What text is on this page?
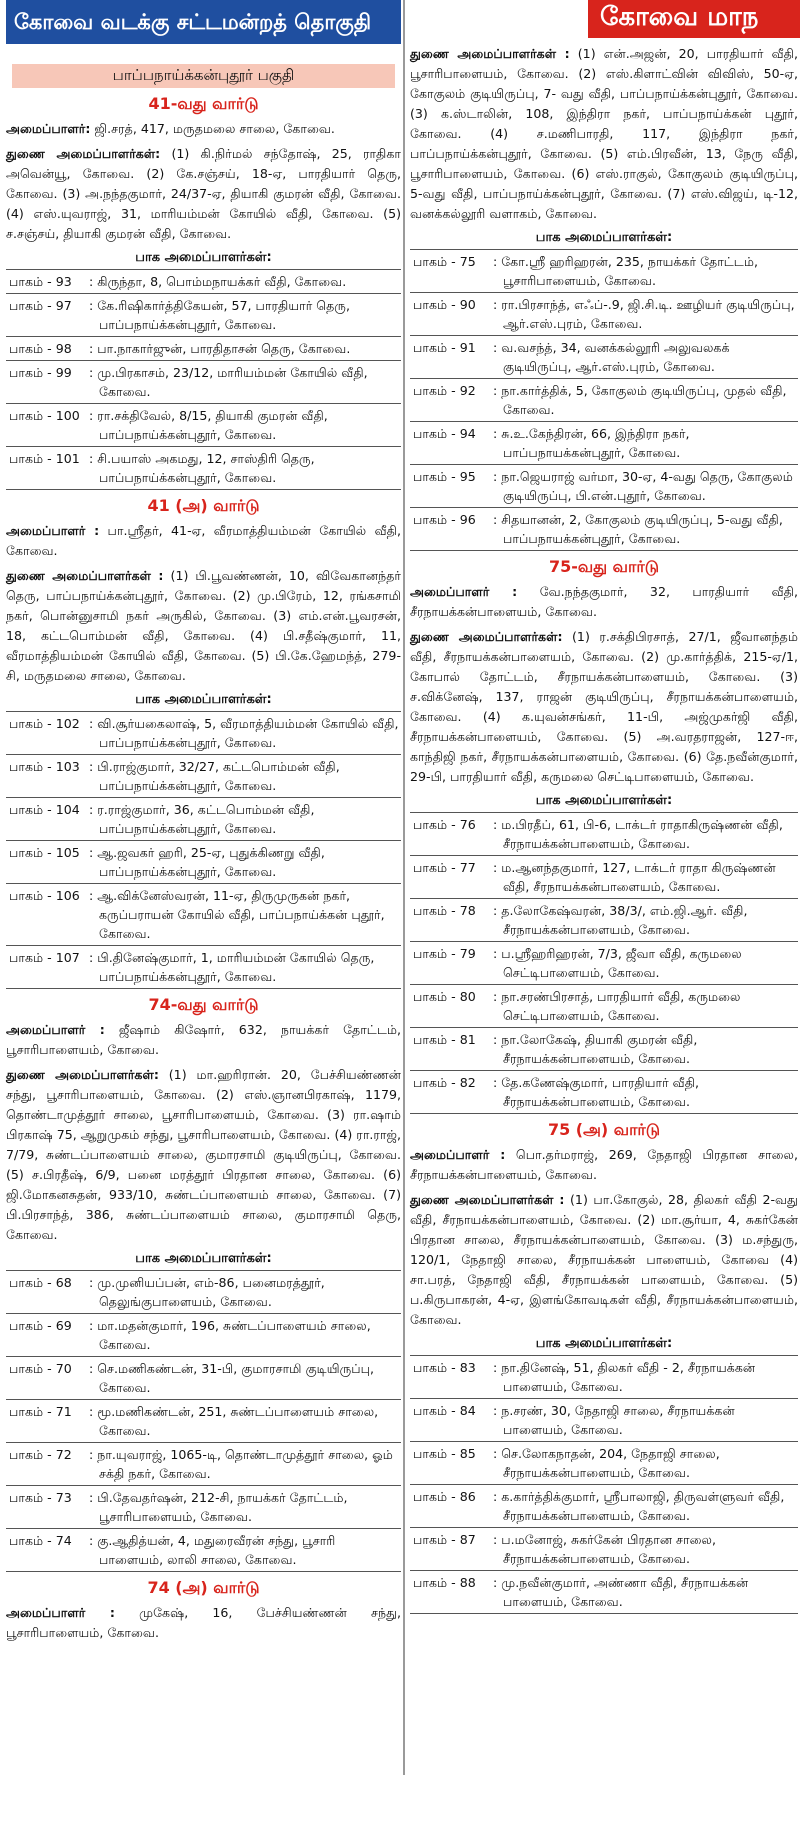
கோவை வடக்கு சட்டமன்றத் தொகுதி
பாப்பநாய்க்கன்புதூர் பகுதி
41-வது வார்டு
அமைப்பாளர்: ஜி.சரத், 417, மருதமலை சாலை, கோவை.
துணை அமைப்பாளர்கள்: (1) கி.நிர்மல் சந்தோஷ், 25, ராதிகா அவென்யூ, கோவை. (2) கே.சஞ்சய், 18-ஏ, பாரதியார் தெரு, கோவை. (3) அ.நந்தகுமார், 24/37-ஏ, தியாகி குமரன் வீதி, கோவை. (4) எஸ்.யுவராஜ், 31, மாரியம்மன் கோயில் வீதி, கோவை. (5) ச.சஞ்சய், தியாகி குமரன் வீதி, கோவை.
பாக அமைப்பாளர்கள்:
பாகம் - 93	: கிருந்தா, 8, பொம்மநாயக்கர் வீதி, கோவை.
பாகம் - 97	: கே.ரிஷிகார்த்திகேயன், 57, பாரதியார் தெரு, பாப்பநாய்க்கன்புதூர், கோவை.
பாகம் - 98	: பா.நாகார்ஜுன், பாரதிதாசன் தெரு, கோவை.
பாகம் - 99	: மு.பிரகாசம், 23/12, மாரியம்மன் கோயில் வீதி, கோவை.
பாகம் - 100 : ரா.சக்திவேல், 8/15, தியாகி குமரன் வீதி, பாப்பநாய்க்கன்புதூர், கோவை.
பாகம் - 101 : சி.பயாஸ் அகமது, 12, சாஸ்திரி தெரு, பாப்பநாய்க்கன்புதூர், கோவை.
41 (அ) வார்டு
அமைப்பாளர் : பா.ஸ்ரீதர், 41-ஏ, வீரமாத்தியம்மன் கோயில் வீதி, கோவை.
துணை அமைப்பாளர்கள் : (1) பி.பூவண்ணன், 10, விவேகானந்தர் தெரு, பாப்பநாய்க்கன்புதூர், கோவை. (2) மு.பிரேம், 12, ரங்கசாமி நகர், பொன்னுசாமி நகர் அருகில், கோவை. (3) எம்.என்.பூவரசன், 18, கட்டபொம்மன் வீதி, கோவை. (4) பி.சதீஷ்குமார், 11, வீரமாத்தியம்மன் கோயில் வீதி, கோவை. (5) பி.கே.ஹேமந்த், 279-சி, மருதமலை சாலை, கோவை.
பாக அமைப்பாளர்கள்:
பாகம் - 102 : வி.சூர்யகைலாஷ், 5, வீரமாத்தியம்மன் கோயில் வீதி, பாப்பநாய்க்கன்புதூர், கோவை.
பாகம் - 103 : பி.ராஜ்குமார், 32/27, கட்டபொம்மன் வீதி, பாப்பநாய்க்கன்புதூர், கோவை.
பாகம் - 104 : ர.ராஜ்குமார், 36, கட்டபொம்மன் வீதி, பாப்பநாய்க்கன்புதூர், கோவை.
பாகம் - 105 : ஆ.ஜவகர் ஹரி, 25-ஏ, புதுக்கிணறு வீதி, பாப்பநாய்க்கன்புதூர், கோவை.
பாகம் - 106 : ஆ.விக்னேஸ்வரன், 11-ஏ, திருமுருகன் நகர், கருப்பராயன் கோயில் வீதி, பாப்பநாய்க்கன் புதூர், கோவை.
பாகம் - 107 : பி.தினேஷ்குமார், 1, மாரியம்மன் கோயில் தெரு, பாப்பநாய்க்கன்புதூர், கோவை.
74-வது வார்டு
அமைப்பாளர் : ஜீஷாம் கிஷோர், 632, நாயக்கர் தோட்டம், பூசாரிபாளையம், கோவை.
துணை அமைப்பாளர்கள்: (1) மா.ஹரிரான். 20, பேச்சியண்ணன் சந்து, பூசாரிபாளையம், கோவை. (2) எஸ்.ஞானபிரகாஷ், 1179, தொண்டாமுத்தூர் சாலை, பூசாரிபாளையம், கோவை. (3) ரா.ஷாம் பிரகாஷ் 75, ஆறுமுகம் சந்து, பூசாரிபாளையம், கோவை. (4) ரா.ராஜ், 7/79, சுண்டப்பாளையம் சாலை, குமாரசாமி குடியிருப்பு, கோவை. (5) ச.பிரதீஷ், 6/9, பனை மரத்தூர் பிரதான சாலை, கோவை. (6) ஜி.மோகனசுதன், 933/10, சுண்டப்பாளையம் சாலை, கோவை. (7) பி.பிரசாந்த், 386, சுண்டப்பாளையம் சாலை, குமாரசாமி தெரு, கோவை.
பாக அமைப்பாளர்கள்:
பாகம் - 68	: மு.முனியப்பன், எம்-86, பனைமரத்தூர், தெலுங்குபாளையம், கோவை.
பாகம் - 69	: மா.மதன்குமார், 196, சுண்டப்பாளையம் சாலை, கோவை.
பாகம் - 70	: செ.மணிகண்டன், 31-பி, குமாரசாமி குடியிருப்பு, கோவை.
பாகம் - 71	: மூ.மணிகண்டன், 251, சுண்டப்பாளையம் சாலை, கோவை.
பாகம் - 72	: நா.யுவராஜ், 1065-டி, தொண்டாமுத்தூர் சாலை, ஓம் சக்தி நகர், கோவை.
பாகம் - 73	: பி.தேவதர்ஷன், 212-சி, நாயக்கர் தோட்டம், பூசாரிபாளையம், கோவை.
பாகம் - 74	: கு.ஆதித்யன், 4, மதுரைவீரன் சந்து, பூசாரி பாளையம், லாலி சாலை, கோவை.
74 (அ) வார்டு
அமைப்பாளர் : முகேஷ், 16, பேச்சியண்ணன் சந்து, பூசாரிபாளையம், கோவை.
கோவை மாந
துணை அமைப்பாளர்கள் : (1) என்.அஜன், 20, பாரதியார் வீதி, பூசாரிபாளையம், கோவை. (2) எஸ்.கிளாட்வின் விவிஸ், 50-ஏ, கோகுலம் குடியிருப்பு, 7- வது வீதி, பாப்பநாய்க்கன்புதூர், கோவை. (3) க.ஸ்டாலின், 108, இந்திரா நகர், பாப்பநாய்க்கன் புதூர், கோவை. (4) ச.மணிபாரதி, 117, இந்திரா நகர், பாப்பநாய்க்கன்புதூர், கோவை. (5) எம்.பிரவீன், 13, நேரு வீதி, பூசாரிபாளையம், கோவை. (6) எஸ்.ராகுல், கோகுலம் குடியிருப்பு, 5-வது வீதி, பாப்பநாய்க்கன்புதூர், கோவை. (7) எஸ்.விஜய், டி-12, வனக்கல்லூரி வளாகம், கோவை.
பாக அமைப்பாளர்கள்:
பாகம் - 75	: கோ.ஸ்ரீ ஹரிஹரன், 235, நாயக்கர் தோட்டம், பூசாரிபாளையம், கோவை.
பாகம் - 90	: ரா.பிரசாந்த், எஃப்-.9, ஜி.சி.டி. ஊழியர் குடியிருப்பு, ஆர்.எஸ்.புரம், கோவை.
பாகம் - 91	: வ.வசந்த், 34, வனக்கல்லூரி அலுவலகக் குடியிருப்பு, ஆர்.எஸ்.புரம், கோவை.
பாகம் - 92	: நா.கார்த்திக், 5, கோகுலம் குடியிருப்பு, முதல் வீதி, கோவை.
பாகம் - 94	: சு.உ.கேந்திரன், 66, இந்திரா நகர், பாப்பநாயக்கன்புதூர், கோவை.
பாகம் - 95	: நா.ஜெயராஜ் வர்மா, 30-ஏ, 4-வது தெரு, கோகுலம் குடியிருப்பு, பி.என்.புதூர், கோவை.
பாகம் - 96	: சிதயானன், 2, கோகுலம் குடியிருப்பு, 5-வது வீதி, பாப்பநாயக்கன்புதூர், கோவை.
75-வது வார்டு
அமைப்பாளர் : வே.நந்தகுமார், 32, பாரதியார் வீதி, சீரநாயக்கன்பாளையம், கோவை.
துணை அமைப்பாளர்கள்: (1) ர.சக்திபிரசாத், 27/1, ஜீவானந்தம் வீதி, சீரநாயக்கன்பாளையம், கோவை. (2) மு.கார்த்திக், 215-ஏ/1, கோபால் தோட்டம், சீரநாயக்கன்பாளையம், கோவை. (3) ச.விக்னேஷ், 137, ராஜன் குடியிருப்பு, சீரநாயக்கன்பாளையம், கோவை. (4) க.யுவன்சங்கர், 11-பி, அஜ்முகர்ஜி வீதி, சீரநாயக்கன்பாளையம், கோவை. (5) அ.வரதராஜன், 127-ஈ, காந்திஜி நகர், சீரநாயக்கன்பாளையம், கோவை. (6) தே.நவீன்குமார், 29-பி, பாரதியார் வீதி, கருமலை செட்டிபாளையம், கோவை.
பாக அமைப்பாளர்கள்:
பாகம் - 76	: ம.பிரதீப், 61, பி-6, டாக்டர் ராதாகிருஷ்ணன் வீதி, சீரநாயக்கன்பாளையம், கோவை.
பாகம் - 77	: ம.ஆனந்தகுமார், 127, டாக்டர் ராதா கிருஷ்ணன் வீதி, சீரநாயக்கன்பாளையம், கோவை.
பாகம் - 78	: த.லோகேஷ்வரன், 38/3/, எம்.ஜி.ஆர். வீதி, சீரநாயக்கன்பாளையம், கோவை.
பாகம் - 79	: ப.ஸ்ரீஹரிஹரன், 7/3, ஜீவா வீதி, கருமலை செட்டிபாளையம், கோவை.
பாகம் - 80	: நா.சரண்பிரசாத், பாரதியார் வீதி, கருமலை செட்டிபாளையம், கோவை.
பாகம் - 81	: நா.லோகேஷ், தியாகி குமரன் வீதி, சீரநாயக்கன்பாளையம், கோவை.
பாகம் - 82	: தே.கணேஷ்குமார், பாரதியார் வீதி, சீரநாயக்கன்பாளையம், கோவை.
75 (அ) வார்டு
அமைப்பாளர் : பொ.தர்மராஜ், 269, நேதாஜி பிரதான சாலை, சீரநாயக்கன்பாளையம், கோவை.
துணை அமைப்பாளர்கள் : (1) பா.கோகுல், 28, திலகர் வீதி 2-வது வீதி, சீரநாயக்கன்பாளையம், கோவை. (2) மா.சூர்யா, 4, சுகர்கேன் பிரதான சாலை, சீரநாயக்கன்பாளையம், கோவை. (3) ம.சந்துரு, 120/1, நேதாஜி சாலை, சீரநாயக்கன் பாளையம், கோவை (4) சா.பரத், நேதாஜி வீதி, சீரநாயக்கன் பாளையம், கோவை. (5) ப.கிருபாகரன், 4-ஏ, இளங்கோவடிகள் வீதி, சீரநாயக்கன்பாளையம், கோவை.
பாக அமைப்பாளர்கள்:
பாகம் - 83	: நா.தினேஷ், 51, திலகர் வீதி - 2, சீரநாயக்கன் பாளையம், கோவை.
பாகம் - 84	: ந.சரண், 30, நேதாஜி சாலை, சீரநாயக்கன் பாளையம், கோவை.
பாகம் - 85	: செ.லோகநாதன், 204, நேதாஜி சாலை, சீரநாயக்கன்பாளையம், கோவை.
பாகம் - 86	: க.கார்த்திக்குமார், ஸ்ரீபாலாஜி, திருவள்ளுவர் வீதி, சீரநாயக்கன்பாளையம், கோவை.
பாகம் - 87	: ப.மனோஜ், சுகர்கேன் பிரதான சாலை, சீரநாயக்கன்பாளையம், கோவை.
பாகம் - 88	: மு.நவீன்குமார், அண்ணா வீதி, சீரநாயக்கன் பாளையம், கோவை.
